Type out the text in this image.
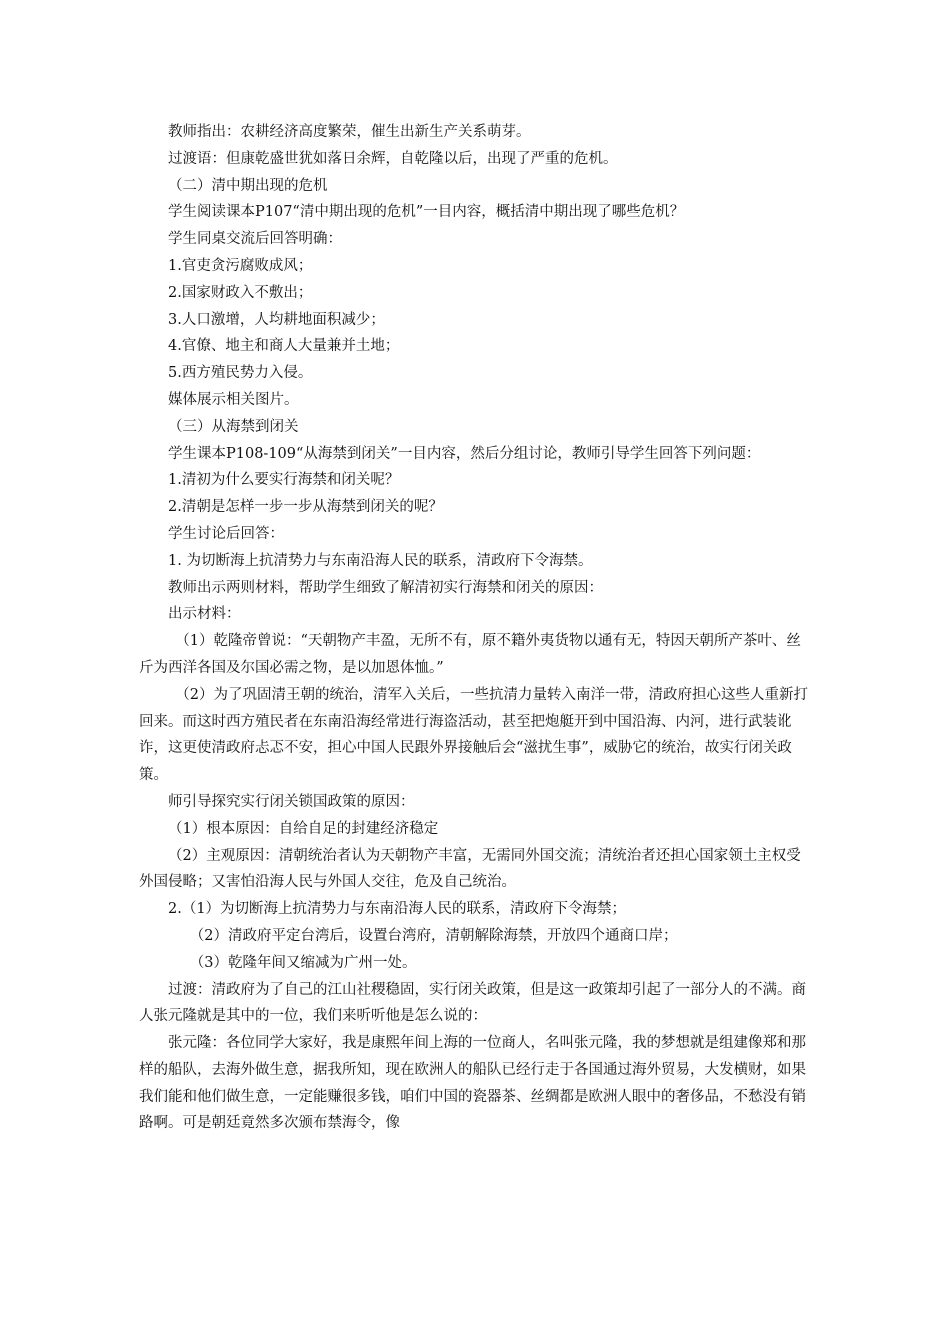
教师指出：农耕经济高度繁荣，催生出新生产关系萌芽。

过渡语：但康乾盛世犹如落日余辉，自乾隆以后，出现了严重的危机。

（二）清中期出现的危机

学生阅读课本P107“清中期出现的危机”一目内容，概括清中期出现了哪些危机？

学生同桌交流后回答明确：

1.官吏贪污腐败成风；

2.国家财政入不敷出；

3.人口激增，人均耕地面积减少；

4.官僚、地主和商人大量兼并土地；

5.西方殖民势力入侵。

媒体展示相关图片。

（三）从海禁到闭关

学生课本P108-109“从海禁到闭关”一目内容，然后分组讨论，教师引导学生回答下列问题：

1.清初为什么要实行海禁和闭关呢？

2.清朝是怎样一步一步从海禁到闭关的呢？

学生讨论后回答：

1. 为切断海上抗清势力与东南沿海人民的联系，清政府下令海禁。

教师出示两则材料，帮助学生细致了解清初实行海禁和闭关的原因：

出示材料：

（1）乾隆帝曾说：“天朝物产丰盈，无所不有，原不籍外夷货物以通有无，特因天朝所产茶叶、丝斤为西洋各国及尔国必需之物，是以加恩体恤。”

（2）为了巩固清王朝的统治，清军入关后，一些抗清力量转入南洋一带，清政府担心这些人重新打回来。而这时西方殖民者在东南沿海经常进行海盗活动，甚至把炮艇开到中国沿海、内河，进行武装讹诈，这更使清政府忐忑不安，担心中国人民跟外界接触后会“滋扰生事”，威胁它的统治，故实行闭关政策。

师引导探究实行闭关锁国政策的原因：

（1）根本原因：自给自足的封建经济稳定

（2）主观原因：清朝统治者认为天朝物产丰富，无需同外国交流；清统治者还担心国家领土主权受外国侵略；又害怕沿海人民与外国人交往，危及自己统治。

2.（1）为切断海上抗清势力与东南沿海人民的联系，清政府下令海禁；

（2）清政府平定台湾后，设置台湾府，清朝解除海禁，开放四个通商口岸；

（3）乾隆年间又缩减为广州一处。

过渡：清政府为了自己的江山社稷稳固，实行闭关政策，但是这一政策却引起了一部分人的不满。商人张元隆就是其中的一位，我们来听听他是怎么说的：

张元隆：各位同学大家好，我是康熙年间上海的一位商人，名叫张元隆，我的梦想就是组建像郑和那样的船队，去海外做生意，据我所知，现在欧洲人的船队已经行走于各国通过海外贸易，大发横财，如果我们能和他们做生意，一定能赚很多钱，咱们中国的瓷器茶、丝绸都是欧洲人眼中的奢侈品，不愁没有销路啊。可是朝廷竟然多次颁布禁海令，像
